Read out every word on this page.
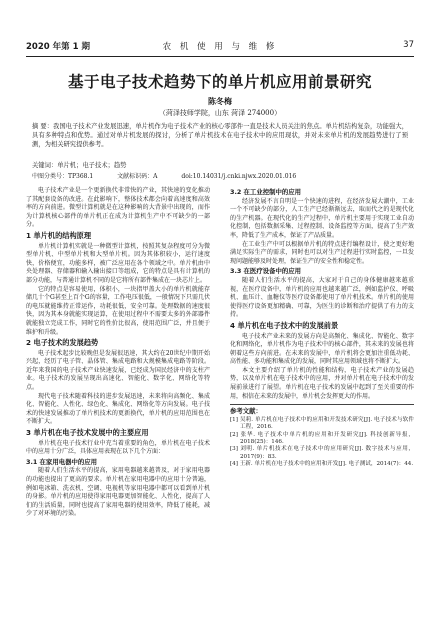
2020 年第 1 期	农 机 使 用 与 维 修	37
基于电子技术趋势下的单片机应用前景研究
陈冬梅
（菏泽技师学院，山东 菏泽 274000）
摘 要：我国电子技术产业发展迅速，单片机作为电子技术产业的核心零部件一直是技术人员关注的焦点。单片机结构复杂，功能强大，具有多种特点和优势。通过对单片机发展的探讨，分析了单片机技术在电子技术中的应用现状，并对未来单片机的发展趋势进行了预测，为相关研究提供参考。
关键词：单片机；电子技术；趋势
中图分类号：TP368.1	文献标识码：A	doi:10.14031/j.cnki.njwx.2020.01.016

电子技术产业是一个更新换代非常快的产业，其快速的变化推动了其配套设备的改进。在此影响下，整体技术都会向着高速度和高效率的方向前进。微型计算机就是在这种影响的大背景中出现的，而作为计算机核心部件的单片机正在成为计算机生产中不可缺少的一部分。

1 单片机的结构原理

单片机计算机实就是一种微型计算机，按照其复杂程度可分为微型单片机、中型单片机和大型单片机。因为其体积较小，运行速度快，价格便宜，功能多样，被广泛应用在各个领域之中。单片机由中央处理器、存储器和输入输出接口等组成，它的特点是具有计算机的部分功能，与普通计算机不同的是它将所有部件集成在一块芯片上。

它的特点是容易使用，体积小，一块指甲盖大小的单片机就能存储几十个G甚至上百个G的容量，工作电压很低，一般情况下只需几伏的电压就能维持正常运作，功耗很低，安全可靠。处理数据的速度很快，因为其本身就能实现运算，在使用过程中不需要太多的外部器件就能独立完成工作，同时它的性价比很高，使用范围广泛，并且便于维护和升级。

2 电子技术的发展趋势

电子技术起步比较晚但是发展很迅速，其大约在20世纪中期开始兴起，经历了电子管、晶体管、集成电路和大规模集成电路等阶段。近年来我国的电子技术产业快速发展，已经成为国民经济中的支柱产业。电子技术的发展呈现出高速化、智能化、数字化、网络化等特点。

现代电子技术随着科技的进步发展迅速，未来将向高频化、集成化、智能化、人性化、绿色化、集成化、网络化等方向发展。电子技术的快速发展推动了单片机技术的更新换代，单片机的应用范围也在不断扩大。

3 单片机在电子技术发展中的主要应用

单片机在电子技术行业中充当着重要的角色，单片机在电子技术中的应用十分广泛，具体应用表现在以下几个方面：

3.1 在家用电器中的应用

随着人们生活水平的提高，家用电器越来越普及，对于家用电器的功能也提出了更高的要求。单片机在家用电器中的应用十分普遍，例如电冰箱、洗衣机、空调、电视机等家用电器中都可以看到单片机的身影。单片机的应用使得家用电器更加智能化、人性化，提高了人们的生活质量，同时也提高了家用电器的使用效率，降低了能耗，减少了对环境的污染。

3.2 在工业控制中的应用

经济发展不言自明是一个快速的进程，在经济发展大潮中，工业一个不可缺少的部分，人工生产已经渐渐远去，取而代之的是现代化的生产机器。在现代化的生产过程中，单片机主要用于实现工业自动化控制，包括数据采集、过程控制、设备监控等方面，提高了生产效率，降低了生产成本，保证了产品质量。

在工业生产中可以根据单片机的特点进行编程设计，使之更好地满足实际生产的需求，同时也可以对生产过程进行实时监控，一旦发现问题能够及时处理，保证生产的安全性和稳定性。

3.3 在医疗设备中的应用

随着人们生活水平的提高，大家对于自己的身体健康越来越重视，在医疗设备中，单片机的应用也越来越广泛，例如监护仪、呼吸机、血压计、血糖仪等医疗设备都使用了单片机技术。单片机的使用使得医疗设备更加精确、可靠，为医生的诊断和治疗提供了有力的支持。

4 单片机在电子技术中的发展前景

电子技术产业未来的发展方向是高频化、集成化、智能化、数字化和网络化，单片机作为电子技术中的核心部件，其未来的发展也将朝着这些方向前进。在未来的发展中，单片机将会更加注重低功耗、高性能、多功能和集成化的发展，同时其应用领域也将不断扩大。

本文主要介绍了单片机的性能和结构，电子技术产业的发展趋势，以及单片机在电子技术中的应用，并对单片机在电子技术中的发展前景进行了展望。单片机在电子技术的发展中起到了至关重要的作用，相信在未来的发展中，单片机会发挥更大的作用。

参考文献：
[1] 吴莉. 单片机在电子技术中的应用和开发技术研究[J]. 电子技术与软件工程，2016.
[2] 张华. 电子技术中单片机的应用和开发研究[J]. 科技创新导报，2018(25)：146.
[3] 刘明. 单片机技术在电子技术中的应用研究[J]. 数字技术与应用，2017(9)：83.
[4] 王新. 单片机在电子技术中的应用和开发[J]. 电子测试，2014(7)：44.
